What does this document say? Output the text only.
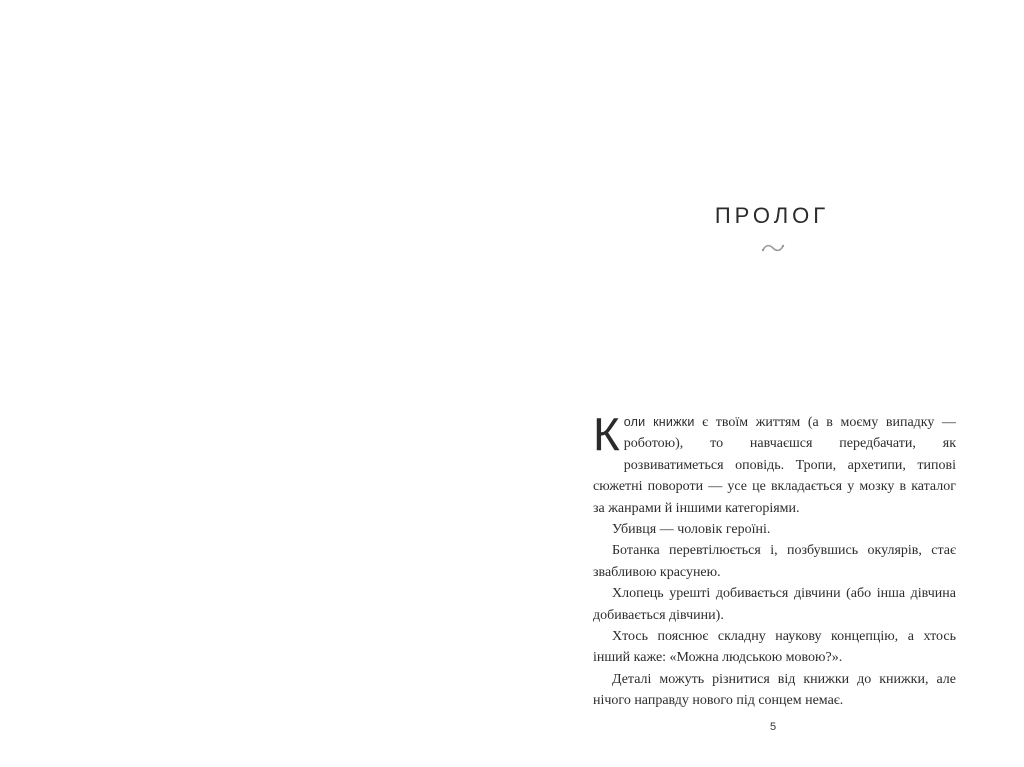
ПРОЛОГ

Коли книжки є твоїм життям (а в моєму випадку — роботою), то навчаєшся передбачати, як розвиватиметься оповідь. Тропи, архетипи, типові сюжетні повороти — усе це вкладається у мозку в каталог за жанрами й іншими категоріями.

Убивця — чоловік героїні.

Ботанка перевтілюється і, позбувшись окулярів, стає звабливою красунею.

Хлопець урешті добивається дівчини (або інша дівчина добивається дівчини).

Хтось пояснює складну наукову концепцію, а хтось інший каже: «Можна людською мовою?».

Деталі можуть різнитися від книжки до книжки, але нічого направду нового під сонцем немає.

5
